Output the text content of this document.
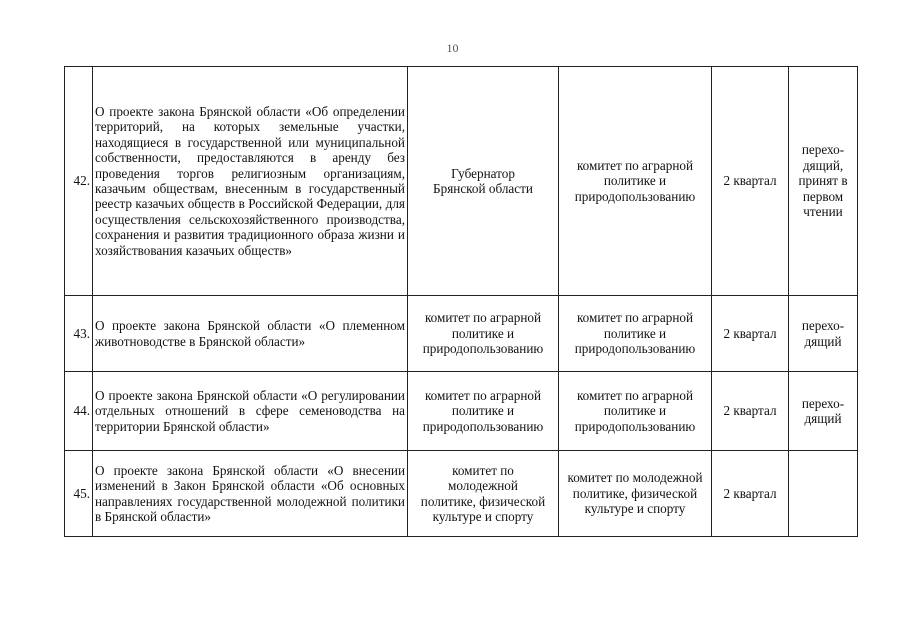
10
42.	О проекте закона Брянской области «Об определении территорий, на которых земельные участки, находящиеся в государственной или муниципальной собственности, предоставляются в аренду без проведения торгов религиозным организациям, казачьим обществам, внесенным в государственный реестр казачьих обществ в Российской Федерации, для осуществления сельскохозяйственного производства, сохранения и развития традиционного образа жизни и хозяйствования казачьих обществ»	Губернатор Брянской области	комитет по аграрной политике и природопользованию	2 квартал	перехо-дящий, принят в первом чтении
43.	О проекте закона Брянской области «О племенном животноводстве в Брянской области»	комитет по аграрной политике и природопользованию	комитет по аграрной политике и природопользованию	2 квартал	перехо-дящий
44.	О проекте закона Брянской области «О регулировании отдельных отношений в сфере семеноводства на территории Брянской области»	комитет по аграрной политике и природопользованию	комитет по аграрной политике и природопользованию	2 квартал	перехо-дящий
45.	О проекте закона Брянской области «О внесении изменений в Закон Брянской области «Об основных направлениях государственной молодежной политики в Брянской области»	комитет по молодежной политике, физической культуре и спорту	комитет по молодежной политике, физической культуре и спорту	2 квартал	
